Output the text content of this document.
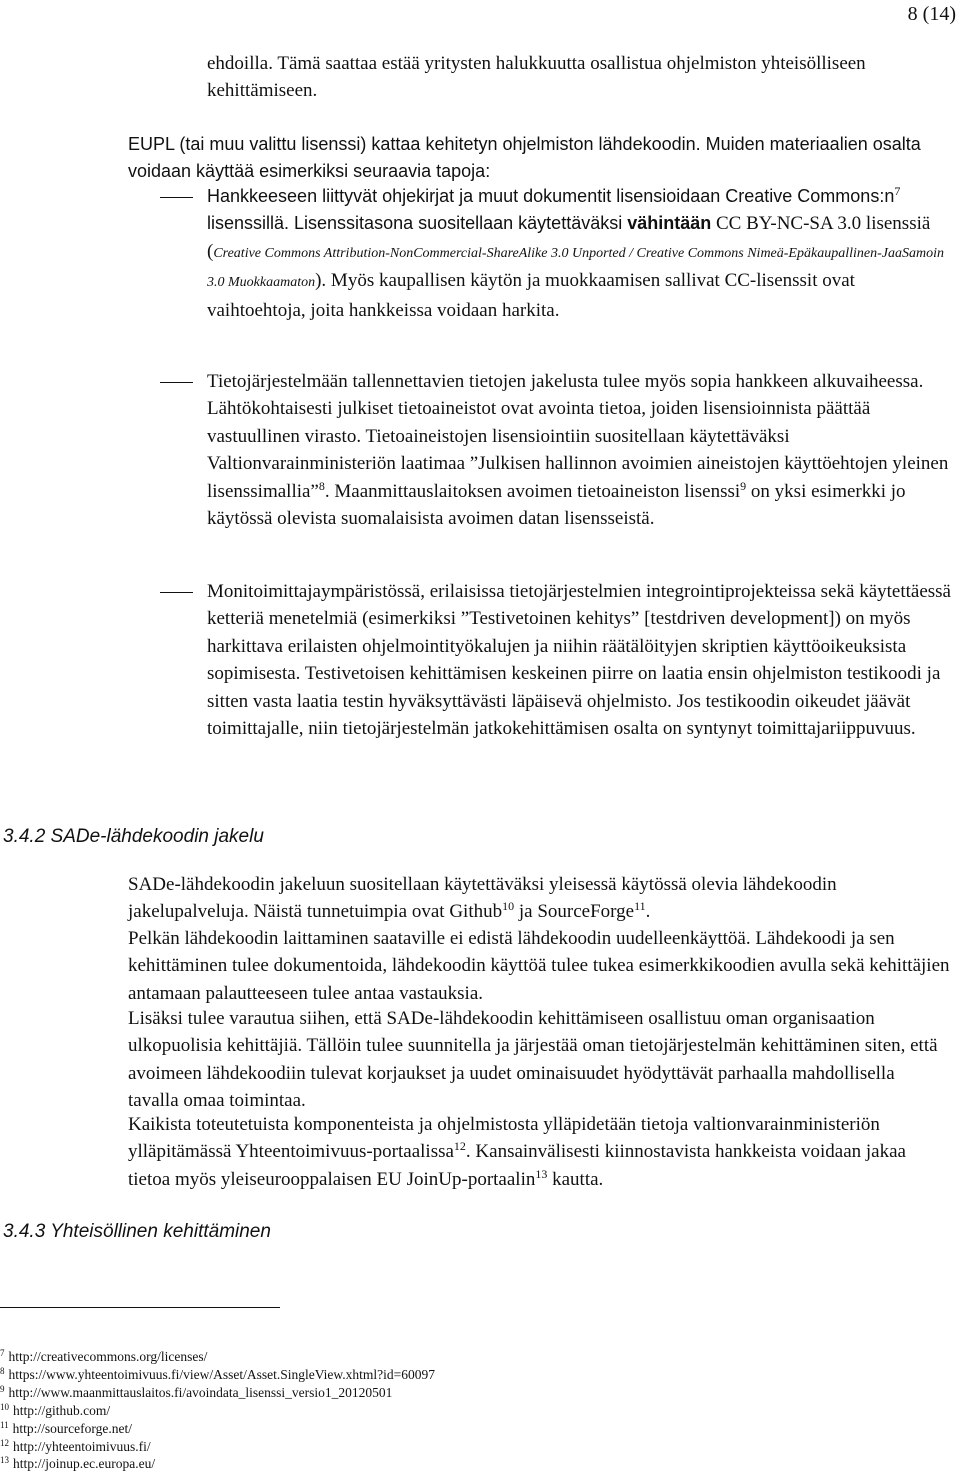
8 (14)

ehdoilla. Tämä saattaa estää yritysten halukkuutta osallistua ohjelmiston yhteisölliseen kehittämiseen.

EUPL (tai muu valittu lisenssi) kattaa kehitetyn ohjelmiston lähdekoodin. Muiden materiaalien osalta voidaan käyttää esimerkiksi seuraavia tapoja:

Hankkeeseen liittyvät ohjekirjat ja muut dokumentit lisensioidaan Creative $Commons:n^7$ lisenssillä. Lisenssitasona suositellaan käytettäväksi vähintään CC BY-NC-SA 3.0 lisenssiä (Creative Commons Attribution-NonCommercial-ShareAlike 3.0 Unported / Creative Commons Nimeä-Epäkaupallinen-JaaSamoin 3.0 Muokkaamaton). Myös kaupallisen käytön ja muokkaamisen sallivat CC-lisenssit ovat vaihtoehtoja, joita hankkeissa voidaan harkita.

Tietojärjestelmään tallennettavien tietojen jakelusta tulee myös sopia hankkeen alkuvaiheessa. Lähtökohtaisesti julkiset tietoaineistot ovat avointa tietoa, joiden lisensioinnista päättää vastuullinen virasto. Tietoaineistojen lisensiointiin suositellaan käytettäväksi Valtionvarainministeriön laatimaa ”Julkisen hallinnon avoimien aineistojen käyttöehtojen yleinen lisenssimallia”$^8$. Maanmittauslaitoksen avoimen tietoaineiston lisenssi$^9$ on yksi esimerkki jo käytössä olevista suomalaisista avoimen datan lisensseistä.

Monitoimittajaympäristössä, erilaisissa tietojärjestelmien integrointiprojekteissa sekä käytettäessä ketteriä menetelmiä (esimerkiksi ”Testivetoinen kehitys” [testdriven development]) on myös harkittava erilaisten ohjelmointityökalujen ja niihin räätälöityjen skriptien käyttöoikeuksista sopimisesta. Testivetoisen kehittämisen keskeinen piirre on laatia ensin ohjelmiston testikoodi ja sitten vasta laatia testin hyväksyttävästi läpäisevä ohjelmisto. Jos testikoodin oikeudet jäävät toimittajalle, niin tietojärjestelmän jatkokehittämisen osalta on syntynyt toimittajariippuvuus.

3.4.2 SADe-lähdekoodin jakelu

SADe-lähdekoodin jakeluun suositellaan käytettäväksi yleisessä käytössä olevia lähdekoodin jakelupalveluja. Näistä tunnetuimpia ovat Github$^{10}$ ja SourceForge$^{11}$.

Pelkän lähdekoodin laittaminen saataville ei edistä lähdekoodin uudelleenkäyttöä. Lähdekoodi ja sen kehittäminen tulee dokumentoida, lähdekoodin käyttöä tulee tukea esimerkkikoodien avulla sekä kehittäjien antamaan palautteeseen tulee antaa vastauksia.

Lisäksi tulee varautua siihen, että SADe-lähdekoodin kehittämiseen osallistuu oman organisaation ulkopuolisia kehittäjiä. Tällöin tulee suunnitella ja järjestää oman tietojärjestelmän kehittäminen siten, että avoimeen lähdekoodiin tulevat korjaukset ja uudet ominaisuudet hyödyttävät parhaalla mahdollisella tavalla omaa toimintaa.

Kaikista toteutetuista komponenteista ja ohjelmistosta ylläpidetään tietoja valtionvarainministeriön ylläpitämässä Yhteentoimivuus-portaalissa$^{12}$. Kansainvälisesti kiinnostavista hankkeista voidaan jakaa tietoa myös yleiseurooppalaisen EU JoinUp-portaalin$^{13}$ kautta.

3.4.3 Yhteisöllinen kehittäminen

$^7$ http://creativecommons.org/licenses/

$^8$ https://www.yhteentoimivuus.fi/view/Asset/Asset.SingleView.xhtml?id=60097

$^9$ http://www.maanmittauslaitos.fi/avoindata_lisenssi_versio1_20120501

$^{10}$ http://github.com/

$^{11}$ http://sourceforge.net/

$^{12}$ http://yhteentoimivuus.fi/

$^{13}$ http://joinup.ec.europa.eu/
